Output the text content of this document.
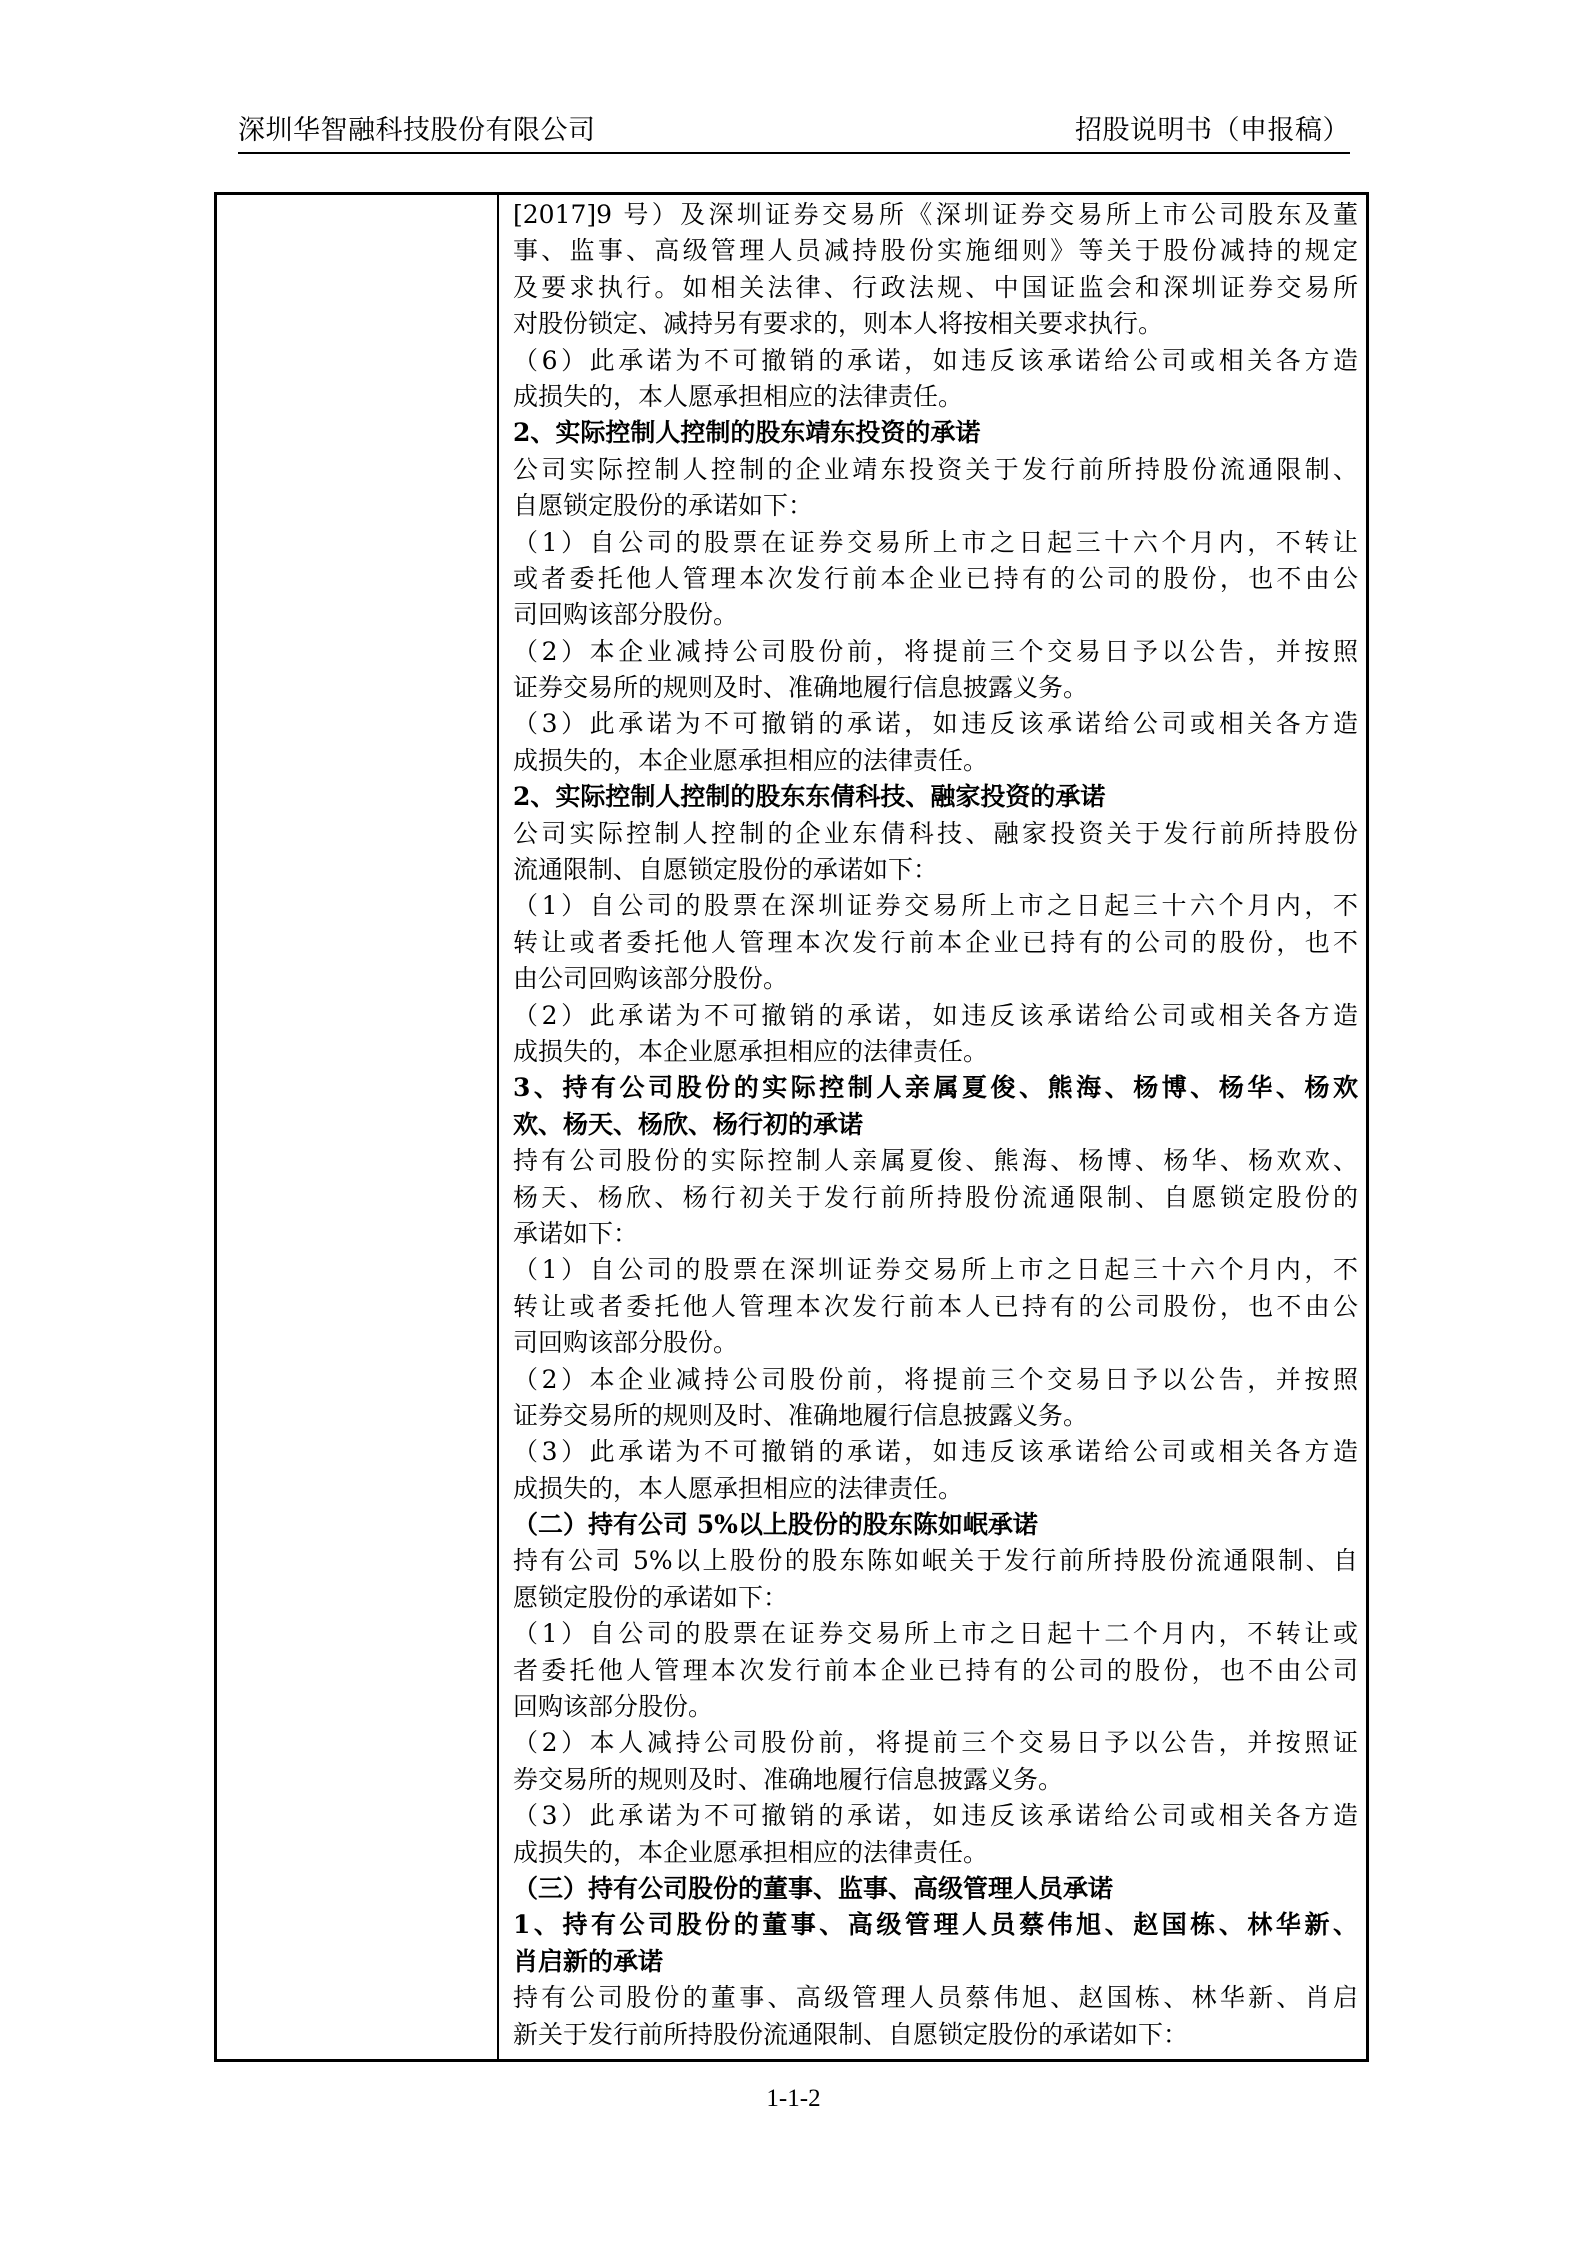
深圳华智融科技股份有限公司	招股说明书（申报稿）
[2017]9 号）及深圳证券交易所《深圳证券交易所上市公司股东及董
事、监事、高级管理人员减持股份实施细则》等关于股份减持的规定
及要求执行。如相关法律、行政法规、中国证监会和深圳证券交易所
对股份锁定、减持另有要求的，则本人将按相关要求执行。
（6）此承诺为不可撤销的承诺，如违反该承诺给公司或相关各方造
成损失的，本人愿承担相应的法律责任。
2、实际控制人控制的股东靖东投资的承诺
公司实际控制人控制的企业靖东投资关于发行前所持股份流通限制、
自愿锁定股份的承诺如下：
（1）自公司的股票在证券交易所上市之日起三十六个月内，不转让
或者委托他人管理本次发行前本企业已持有的公司的股份，也不由公
司回购该部分股份。
（2）本企业减持公司股份前，将提前三个交易日予以公告，并按照
证券交易所的规则及时、准确地履行信息披露义务。
（3）此承诺为不可撤销的承诺，如违反该承诺给公司或相关各方造
成损失的，本企业愿承担相应的法律责任。
2、实际控制人控制的股东东倩科技、融家投资的承诺
公司实际控制人控制的企业东倩科技、融家投资关于发行前所持股份
流通限制、自愿锁定股份的承诺如下：
（1）自公司的股票在深圳证券交易所上市之日起三十六个月内，不
转让或者委托他人管理本次发行前本企业已持有的公司的股份，也不
由公司回购该部分股份。
（2）此承诺为不可撤销的承诺，如违反该承诺给公司或相关各方造
成损失的，本企业愿承担相应的法律责任。
3、持有公司股份的实际控制人亲属夏俊、熊海、杨博、杨华、杨欢
欢、杨天、杨欣、杨行初的承诺
持有公司股份的实际控制人亲属夏俊、熊海、杨博、杨华、杨欢欢、
杨天、杨欣、杨行初关于发行前所持股份流通限制、自愿锁定股份的
承诺如下：
（1）自公司的股票在深圳证券交易所上市之日起三十六个月内，不
转让或者委托他人管理本次发行前本人已持有的公司股份，也不由公
司回购该部分股份。
（2）本企业减持公司股份前，将提前三个交易日予以公告，并按照
证券交易所的规则及时、准确地履行信息披露义务。
（3）此承诺为不可撤销的承诺，如违反该承诺给公司或相关各方造
成损失的，本人愿承担相应的法律责任。
（二）持有公司 5%以上股份的股东陈如岷承诺
持有公司 5%以上股份的股东陈如岷关于发行前所持股份流通限制、自
愿锁定股份的承诺如下：
（1）自公司的股票在证券交易所上市之日起十二个月内，不转让或
者委托他人管理本次发行前本企业已持有的公司的股份，也不由公司
回购该部分股份。
（2）本人减持公司股份前，将提前三个交易日予以公告，并按照证
券交易所的规则及时、准确地履行信息披露义务。
（3）此承诺为不可撤销的承诺，如违反该承诺给公司或相关各方造
成损失的，本企业愿承担相应的法律责任。
（三）持有公司股份的董事、监事、高级管理人员承诺
1、持有公司股份的董事、高级管理人员蔡伟旭、赵国栋、林华新、
肖启新的承诺
持有公司股份的董事、高级管理人员蔡伟旭、赵国栋、林华新、肖启
新关于发行前所持股份流通限制、自愿锁定股份的承诺如下：
1-1-2
